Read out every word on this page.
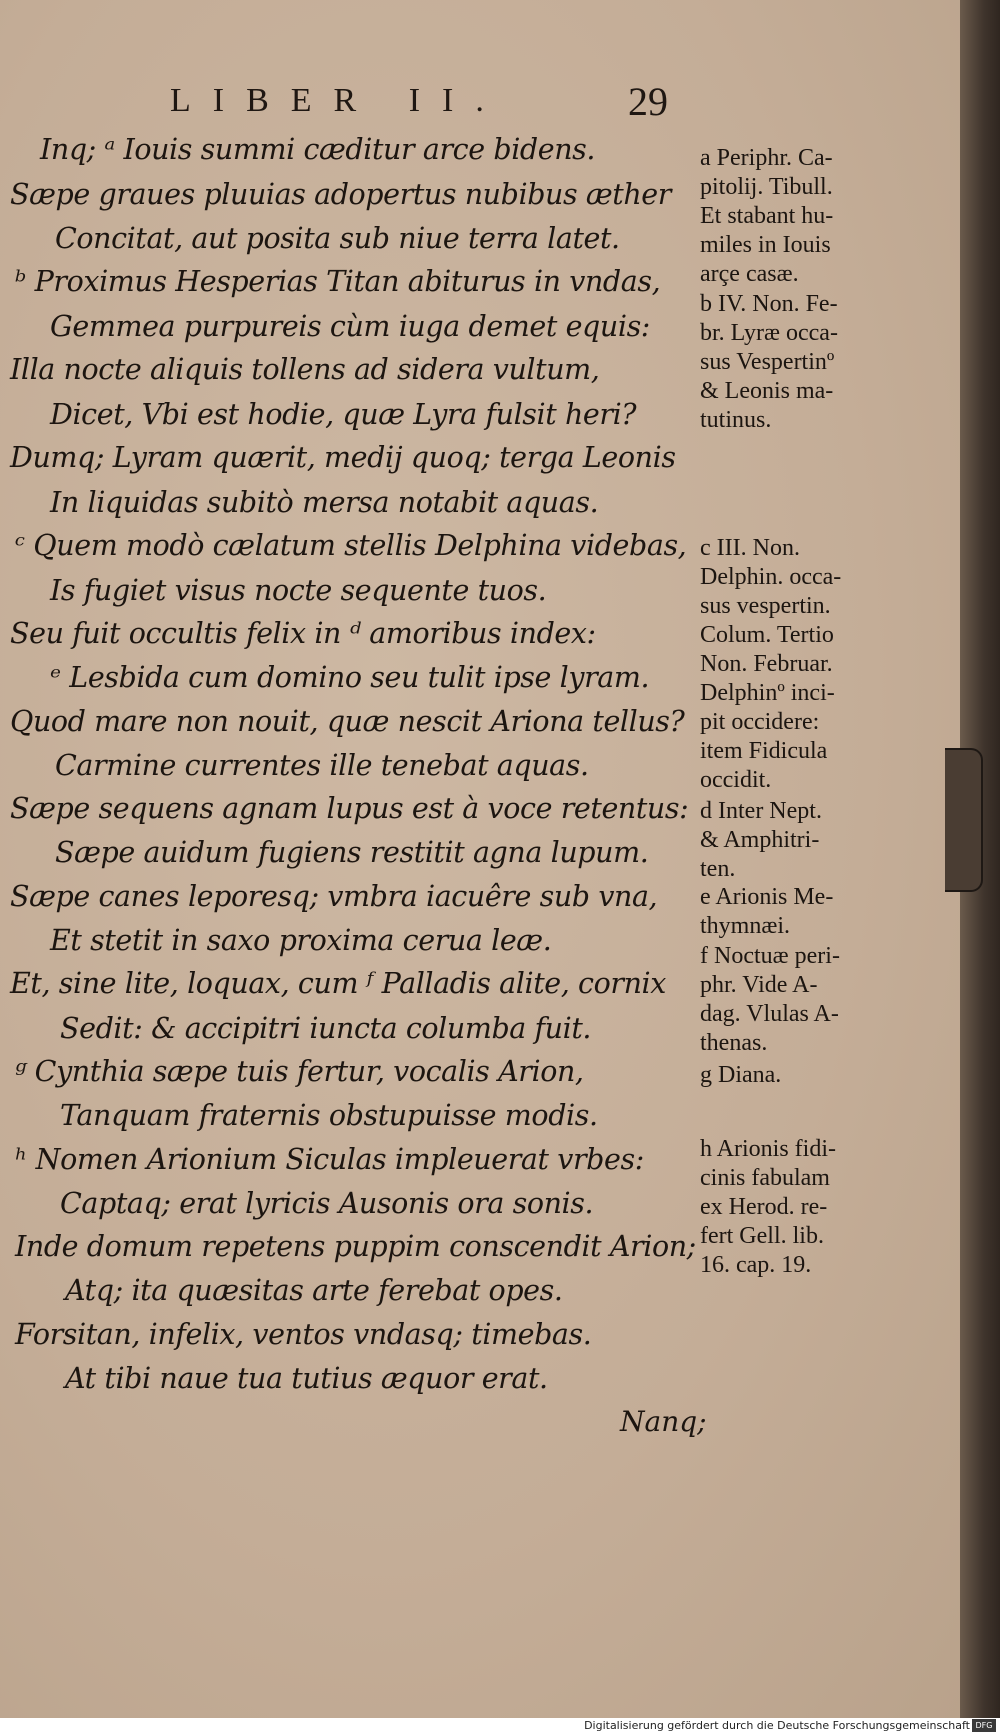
LIBER II.	29
Inq; ᵃ Iouis summi cæditur arce bidens.
Sæpe graues pluuias adopertus nubibus æther
Concitat, aut posita sub niue terra latet.
ᵇ Proximus Hesperias Titan abiturus in vndas,
Gemmea purpureis cùm iuga demet equis:
Illa nocte aliquis tollens ad sidera vultum,
Dicet, Vbi est hodie, quæ Lyra fulsit heri?
Dumq; Lyram quærit, medij quoq; terga Leonis
In liquidas subitò mersa notabit aquas.
ᶜ Quem modò cælatum stellis Delphina videbas,
Is fugiet visus nocte sequente tuos.
Seu fuit occultis felix in ᵈ amoribus index:
ᵉ Lesbida cum domino seu tulit ipse lyram.
Quod mare non nouit, quæ nescit Ariona tellus?
Carmine currentes ille tenebat aquas.
Sæpe sequens agnam lupus est à voce retentus:
Sæpe auidum fugiens restitit agna lupum.
Sæpe canes leporesq; vmbra iacuêre sub vna,
Et stetit in saxo proxima cerua leæ.
Et, sine lite, loquax, cum ᶠ Palladis alite, cornix
Sedit: & accipitri iuncta columba fuit.
ᵍ Cynthia sæpe tuis fertur, vocalis Arion,
Tanquam fraternis obstupuisse modis.
ʰ Nomen Arionium Siculas impleuerat vrbes:
Captaq; erat lyricis Ausonis ora sonis.
Inde domum repetens puppim conscendit Arion;
Atq; ita quæsitas arte ferebat opes.
Forsitan, infelix, ventos vndasq; timebas.
At tibi naue tua tutius æquor erat.
a Periphr. Ca-
pitolij. Tibull.
Et stabant hu-
miles in Iouis
arçe casæ.
b IV. Non. Fe-
br. Lyræ occa-
sus Vespertinº
& Leonis ma-
tutinus.
c III. Non.
Delphin. occa-
sus vespertin.
Colum. Tertio
Non. Februar.
Delphinº inci-
pit occidere:
item Fidicula
occidit.
d Inter Nept.
& Amphitri-
ten.
e Arionis Me-
thymnæi.
f Noctuæ peri-
phr. Vide A-
dag. Vlulas A-
thenas.
g Diana.
h Arionis fidi-
cinis fabulam
ex Herod. re-
fert Gell. lib.
16. cap. 19.
Nanq;
Digitalisierung gefördert durch die Deutsche Forschungsgemeinschaft DFG
